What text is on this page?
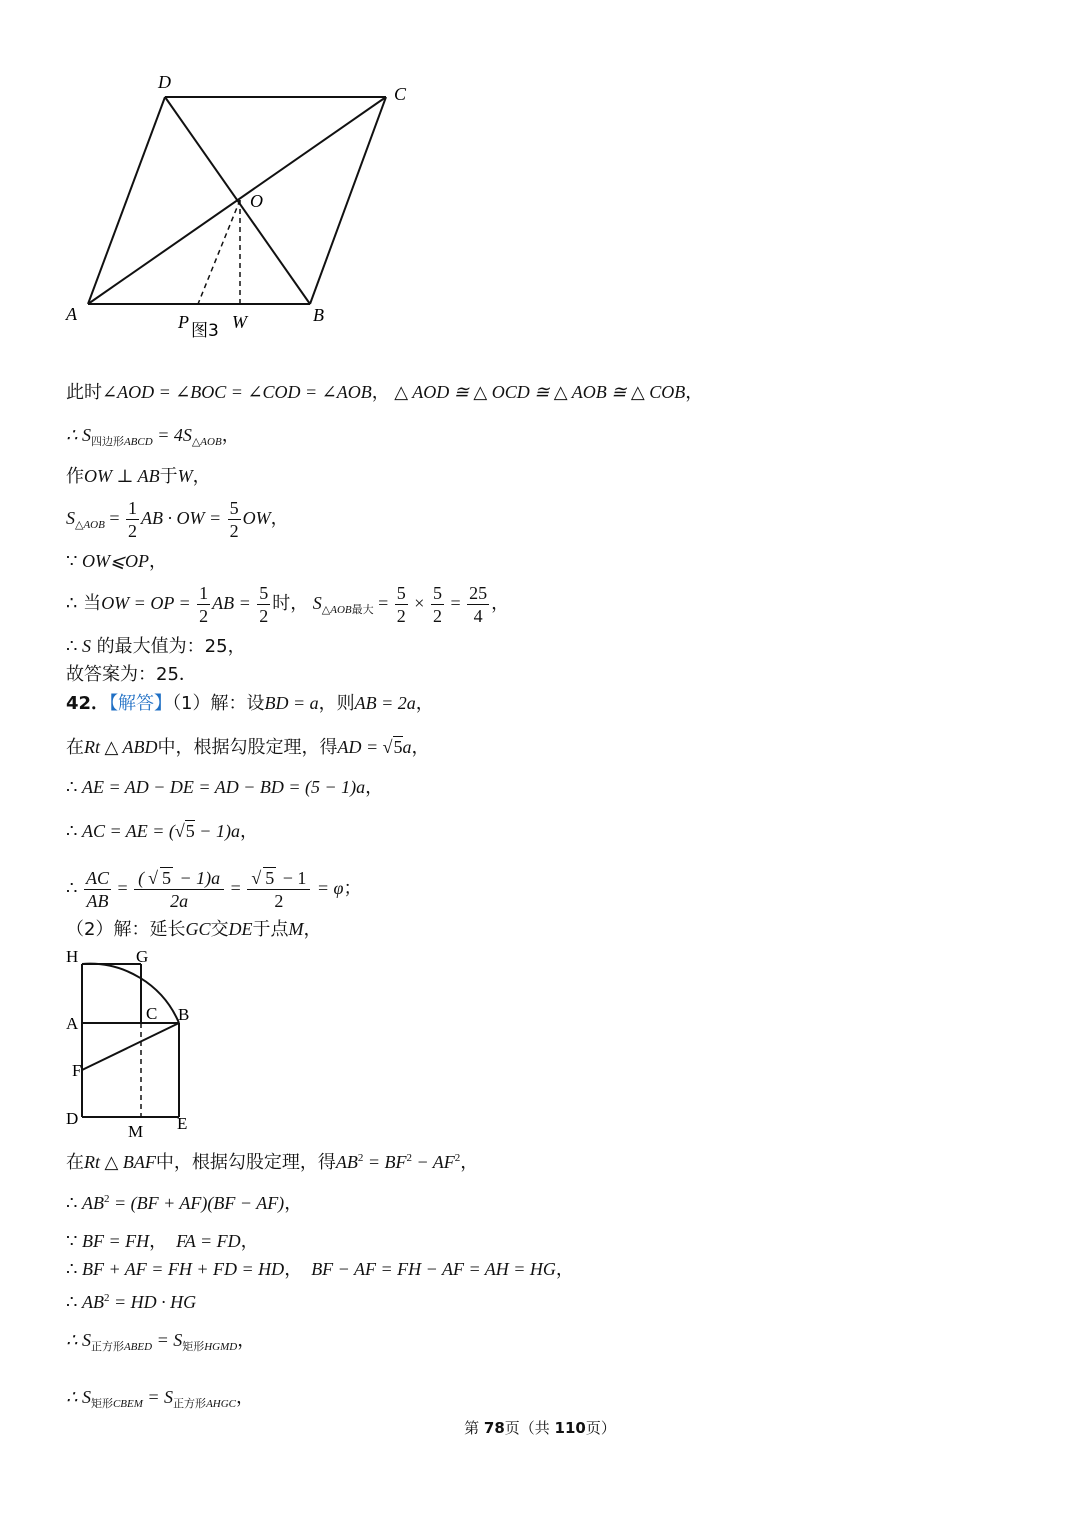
D
C
O
A	B
P W
图3
此时∠AOD = ∠BOC = ∠COD = ∠AOB， △ AOD ≅ △ OCD ≅ △ AOB ≅ △ COB，
∴ $S_{四边形ABCD} = 4S_{\triangle AOB}$，
作OW ⊥ AB于W，
$S_{\triangle AOB} = \frac{1}{2}$ AB · OW = $\frac{5}{2}$ OW，
∵ OW⩽OP，
∴ 当OW = OP = $\frac{1}{2}$ AB = $\frac{5}{2}$ 时， $S_{\triangle AOB最大} = \frac{5}{2} \times \frac{5}{2} = \frac{25}{4}$ ，
∴ S 的最大值为：25，
故答案为：25．
42．【解答】（1）解：设BD = a，则AB = 2a，
在Rt △ ABD中，根据勾股定理，得AD = √5a，
∴ AE = AD − DE = AD − BD = (5 − 1)a，
∴ AC = AE = (√5 − 1)a，
∴ $\frac{AC}{AB} = \frac{( √ 5 - 1)a}{2a} = \frac{√ 5 - 1}{2} = \varphi$；
（2）解：延长GC交DE于点M，
H	G
A
C B
F
D	E
M
在Rt △ BAF中，根据勾股定理，得$AB^2 = BF^2 - AF^2$，
∴ $AB^2 = (BF + AF)(BF - AF)$，
∵ BF = FH， FA = FD，
∴ BF + AF = FH + FD = HD， BF − AF = FH − AF = AH = HG，
∴ $AB^2$ = HD · HG
∴ $S_{正方形ABED} = S_{矩形HGMD}$，
∴ $S_{矩形CBEM} = S_{正方形AHGC}$，
第 78页（共 110页）
